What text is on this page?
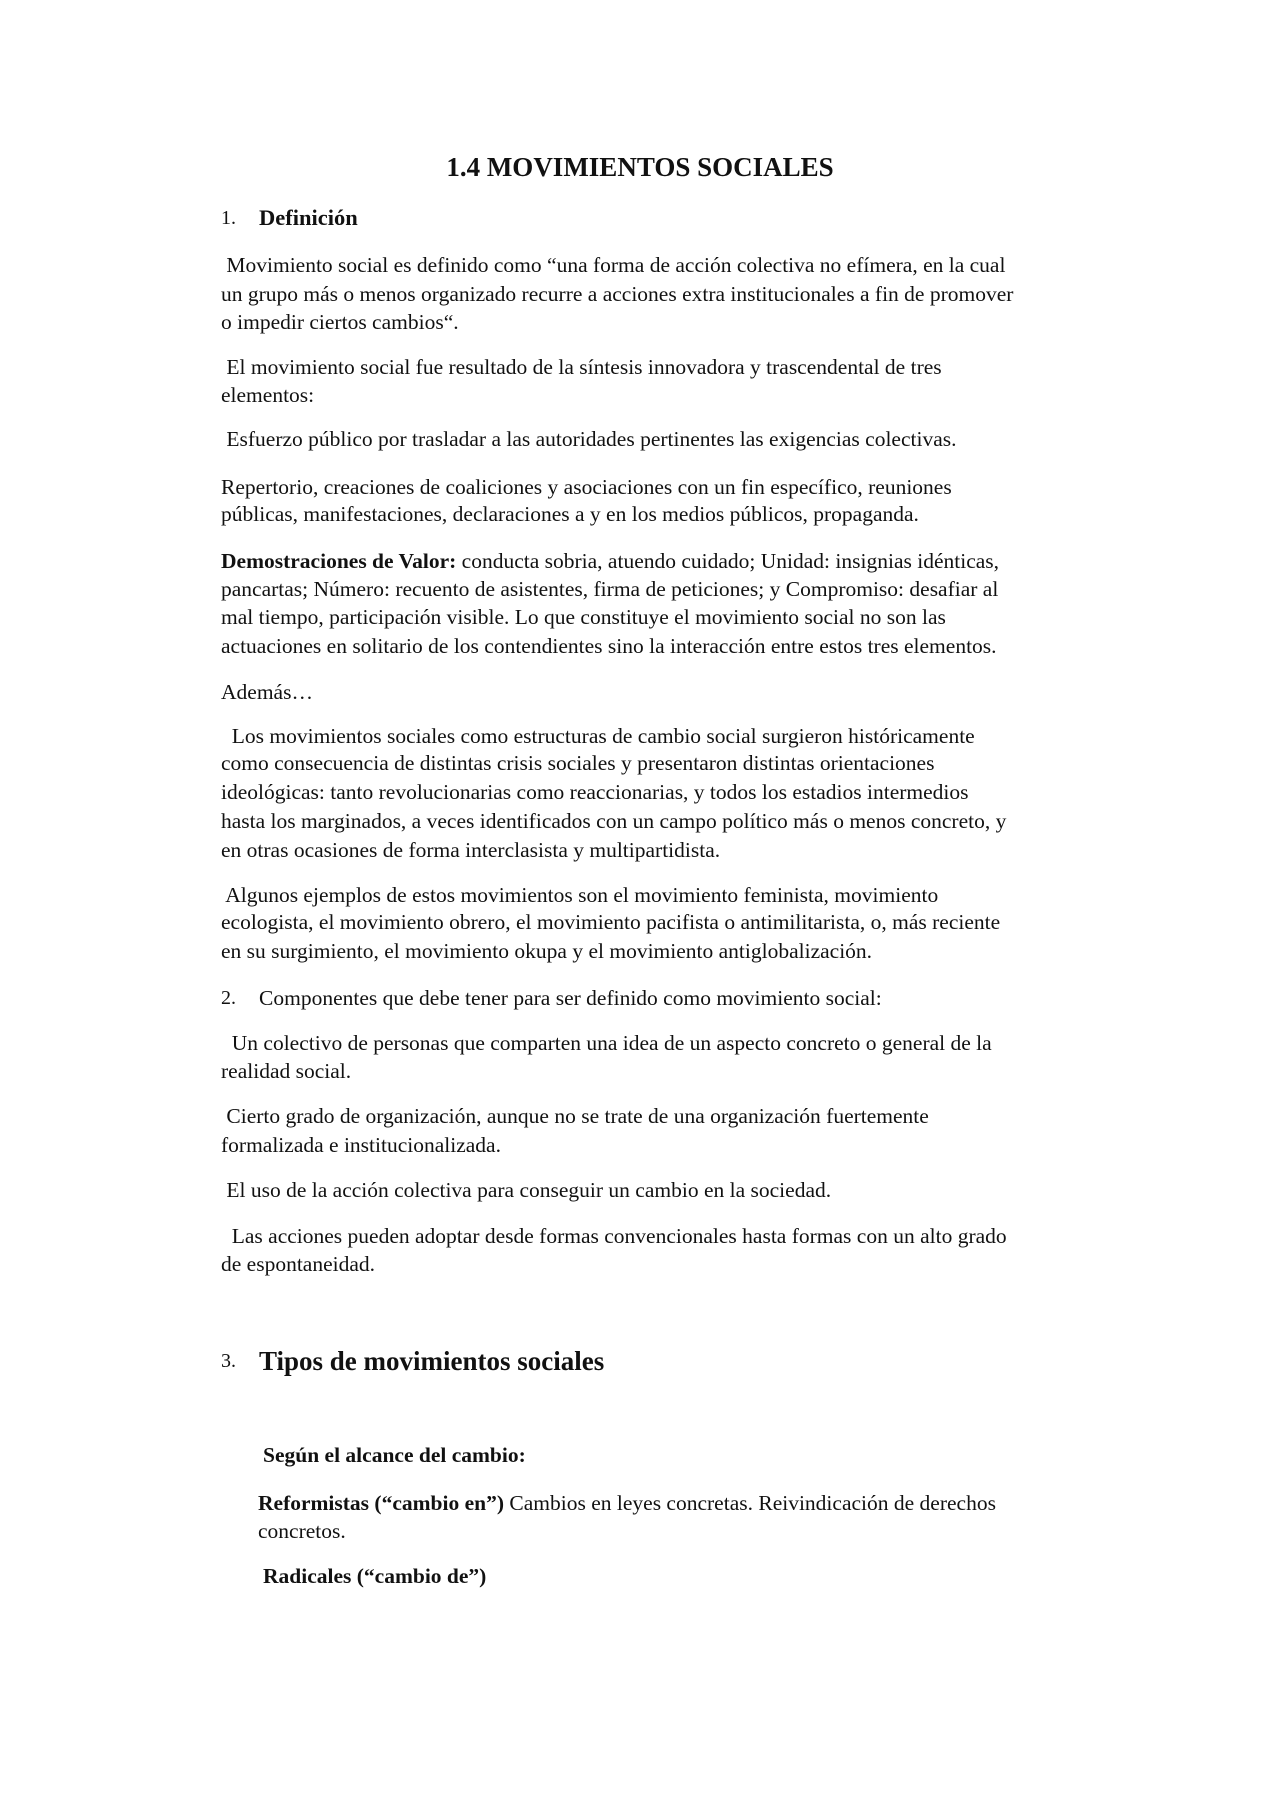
1.4 MOVIMIENTOS SOCIALES
1. Definición
Demostraciones de Valor: conducta sobria, atuendo cuidado; Unidad: insignias idénticas,
2. Componentes que debe tener para ser definido como movimiento social:
3. Tipos de movimientos sociales
Según el alcance del cambio:
Reformistas (“cambio en”) Cambios en leyes concretas. Reivindicación de derechos
concretos.
Radicales (“cambio de”)
Movimiento social es definido como “una forma de acción colectiva no efímera, en la cual
un grupo más o menos organizado recurre a acciones extra institucionales a fin de promover
o impedir ciertos cambios“.
El movimiento social fue resultado de la síntesis innovadora y trascendental de tres
elementos:
Esfuerzo público por trasladar a las autoridades pertinentes las exigencias colectivas.
Repertorio, creaciones de coaliciones y asociaciones con un fin específico, reuniones
públicas, manifestaciones, declaraciones a y en los medios públicos, propaganda.
Además…
Los movimientos sociales como estructuras de cambio social surgieron históricamente
como consecuencia de distintas crisis sociales y presentaron distintas orientaciones
ideológicas: tanto revolucionarias como reaccionarias, y todos los estadios intermedios
hasta los marginados, a veces identificados con un campo político más o menos concreto, y
en otras ocasiones de forma interclasista y multipartidista.
Algunos ejemplos de estos movimientos son el movimiento feminista, movimiento
ecologista, el movimiento obrero, el movimiento pacifista o antimilitarista, o, más reciente
en su surgimiento, el movimiento okupa y el movimiento antiglobalización.
Un colectivo de personas que comparten una idea de un aspecto concreto o general de la
realidad social.
Cierto grado de organización, aunque no se trate de una organización fuertemente
formalizada e institucionalizada.
El uso de la acción colectiva para conseguir un cambio en la sociedad.
Las acciones pueden adoptar desde formas convencionales hasta formas con un alto grado
de espontaneidad.
pancartas; Número: recuento de asistentes, firma de peticiones; y Compromiso: desafiar al
mal tiempo, participación visible. Lo que constituye el movimiento social no son las
actuaciones en solitario de los contendientes sino la interacción entre estos tres elementos.
